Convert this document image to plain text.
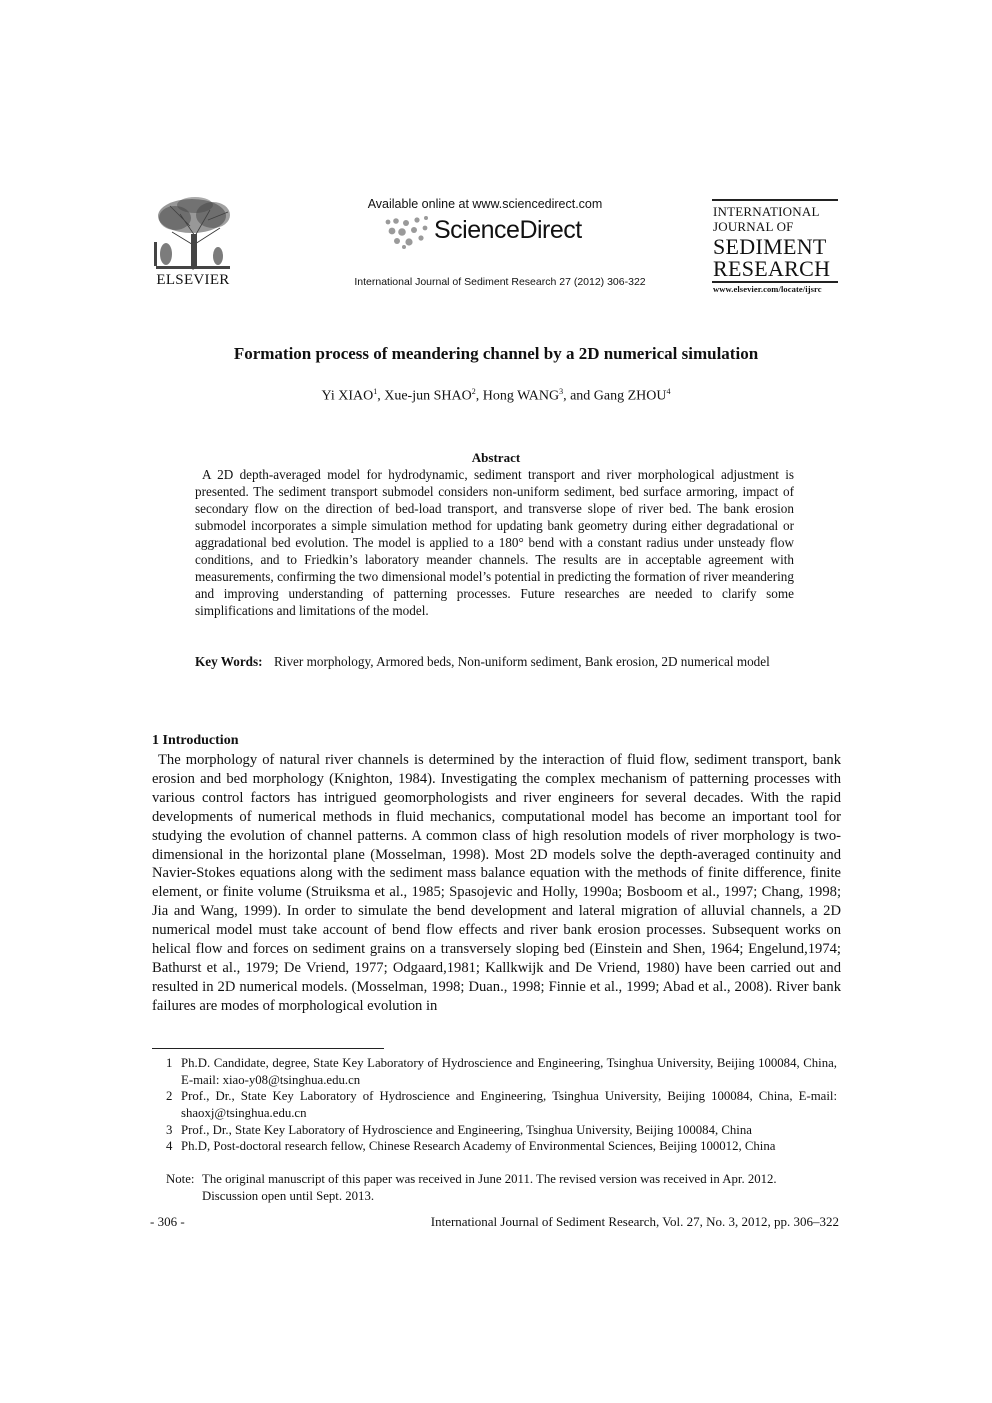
ELSEVIER
Available online at www.sciencedirect.com
ScienceDirect
International Journal of Sediment Research 27 (2012) 306-322
INTERNATIONAL
JOURNAL OF
SEDIMENT
RESEARCH
www.elsevier.com/locate/ijsrc
Formation process of meandering channel by a 2D numerical simulation
Yi XIAO$^1$, Xue-jun SHAO$^2$, Hong WANG$^3$, and Gang ZHOU$^4$
Abstract
A 2D depth-averaged model for hydrodynamic, sediment transport and river morphological adjustment is presented. The sediment transport submodel considers non-uniform sediment, bed surface armoring, impact of secondary flow on the direction of bed-load transport, and transverse slope of river bed. The bank erosion submodel incorporates a simple simulation method for updating bank geometry during either degradational or aggradational bed evolution. The model is applied to a 180° bend with a constant radius under unsteady flow conditions, and to Friedkin’s laboratory meander channels. The results are in acceptable agreement with measurements, confirming the two dimensional model’s potential in predicting the formation of river meandering and improving understanding of patterning processes. Future researches are needed to clarify some simplifications and limitations of the model.
Key Words: River morphology, Armored beds, Non-uniform sediment, Bank erosion, 2D numerical model
1 Introduction
The morphology of natural river channels is determined by the interaction of fluid flow, sediment transport, bank erosion and bed morphology (Knighton, 1984). Investigating the complex mechanism of patterning processes with various control factors has intrigued geomorphologists and river engineers for several decades. With the rapid developments of numerical methods in fluid mechanics, computational model has become an important tool for studying the evolution of channel patterns. A common class of high resolution models of river morphology is two-dimensional in the horizontal plane (Mosselman, 1998). Most 2D models solve the depth-averaged continuity and Navier-Stokes equations along with the sediment mass balance equation with the methods of finite difference, finite element, or finite volume (Struiksma et al., 1985; Spasojevic and Holly, 1990a; Bosboom et al., 1997; Chang, 1998; Jia and Wang, 1999). In order to simulate the bend development and lateral migration of alluvial channels, a 2D numerical model must take account of bend flow effects and river bank erosion processes. Subsequent works on helical flow and forces on sediment grains on a transversely sloping bed (Einstein and Shen, 1964; Engelund,1974; Bathurst et al., 1979; De Vriend, 1977; Odgaard,1981; Kallkwijk and De Vriend, 1980) have been carried out and resulted in 2D numerical models. (Mosselman, 1998; Duan., 1998; Finnie et al., 1999; Abad et al., 2008). River bank failures are modes of morphological evolution in
1 Ph.D. Candidate, degree, State Key Laboratory of Hydroscience and Engineering, Tsinghua University, Beijing 100084, China, E-mail: xiao-y08@tsinghua.edu.cn
2 Prof., Dr., State Key Laboratory of Hydroscience and Engineering, Tsinghua University, Beijing 100084, China, E-mail: shaoxj@tsinghua.edu.cn
3 Prof., Dr., State Key Laboratory of Hydroscience and Engineering, Tsinghua University, Beijing 100084, China
4 Ph.D, Post-doctoral research fellow, Chinese Research Academy of Environmental Sciences, Beijing 100012, China
Note: The original manuscript of this paper was received in June 2011. The revised version was received in Apr. 2012. Discussion open until Sept. 2013.
- 306 -	International Journal of Sediment Research, Vol. 27, No. 3, 2012, pp. 306–322
